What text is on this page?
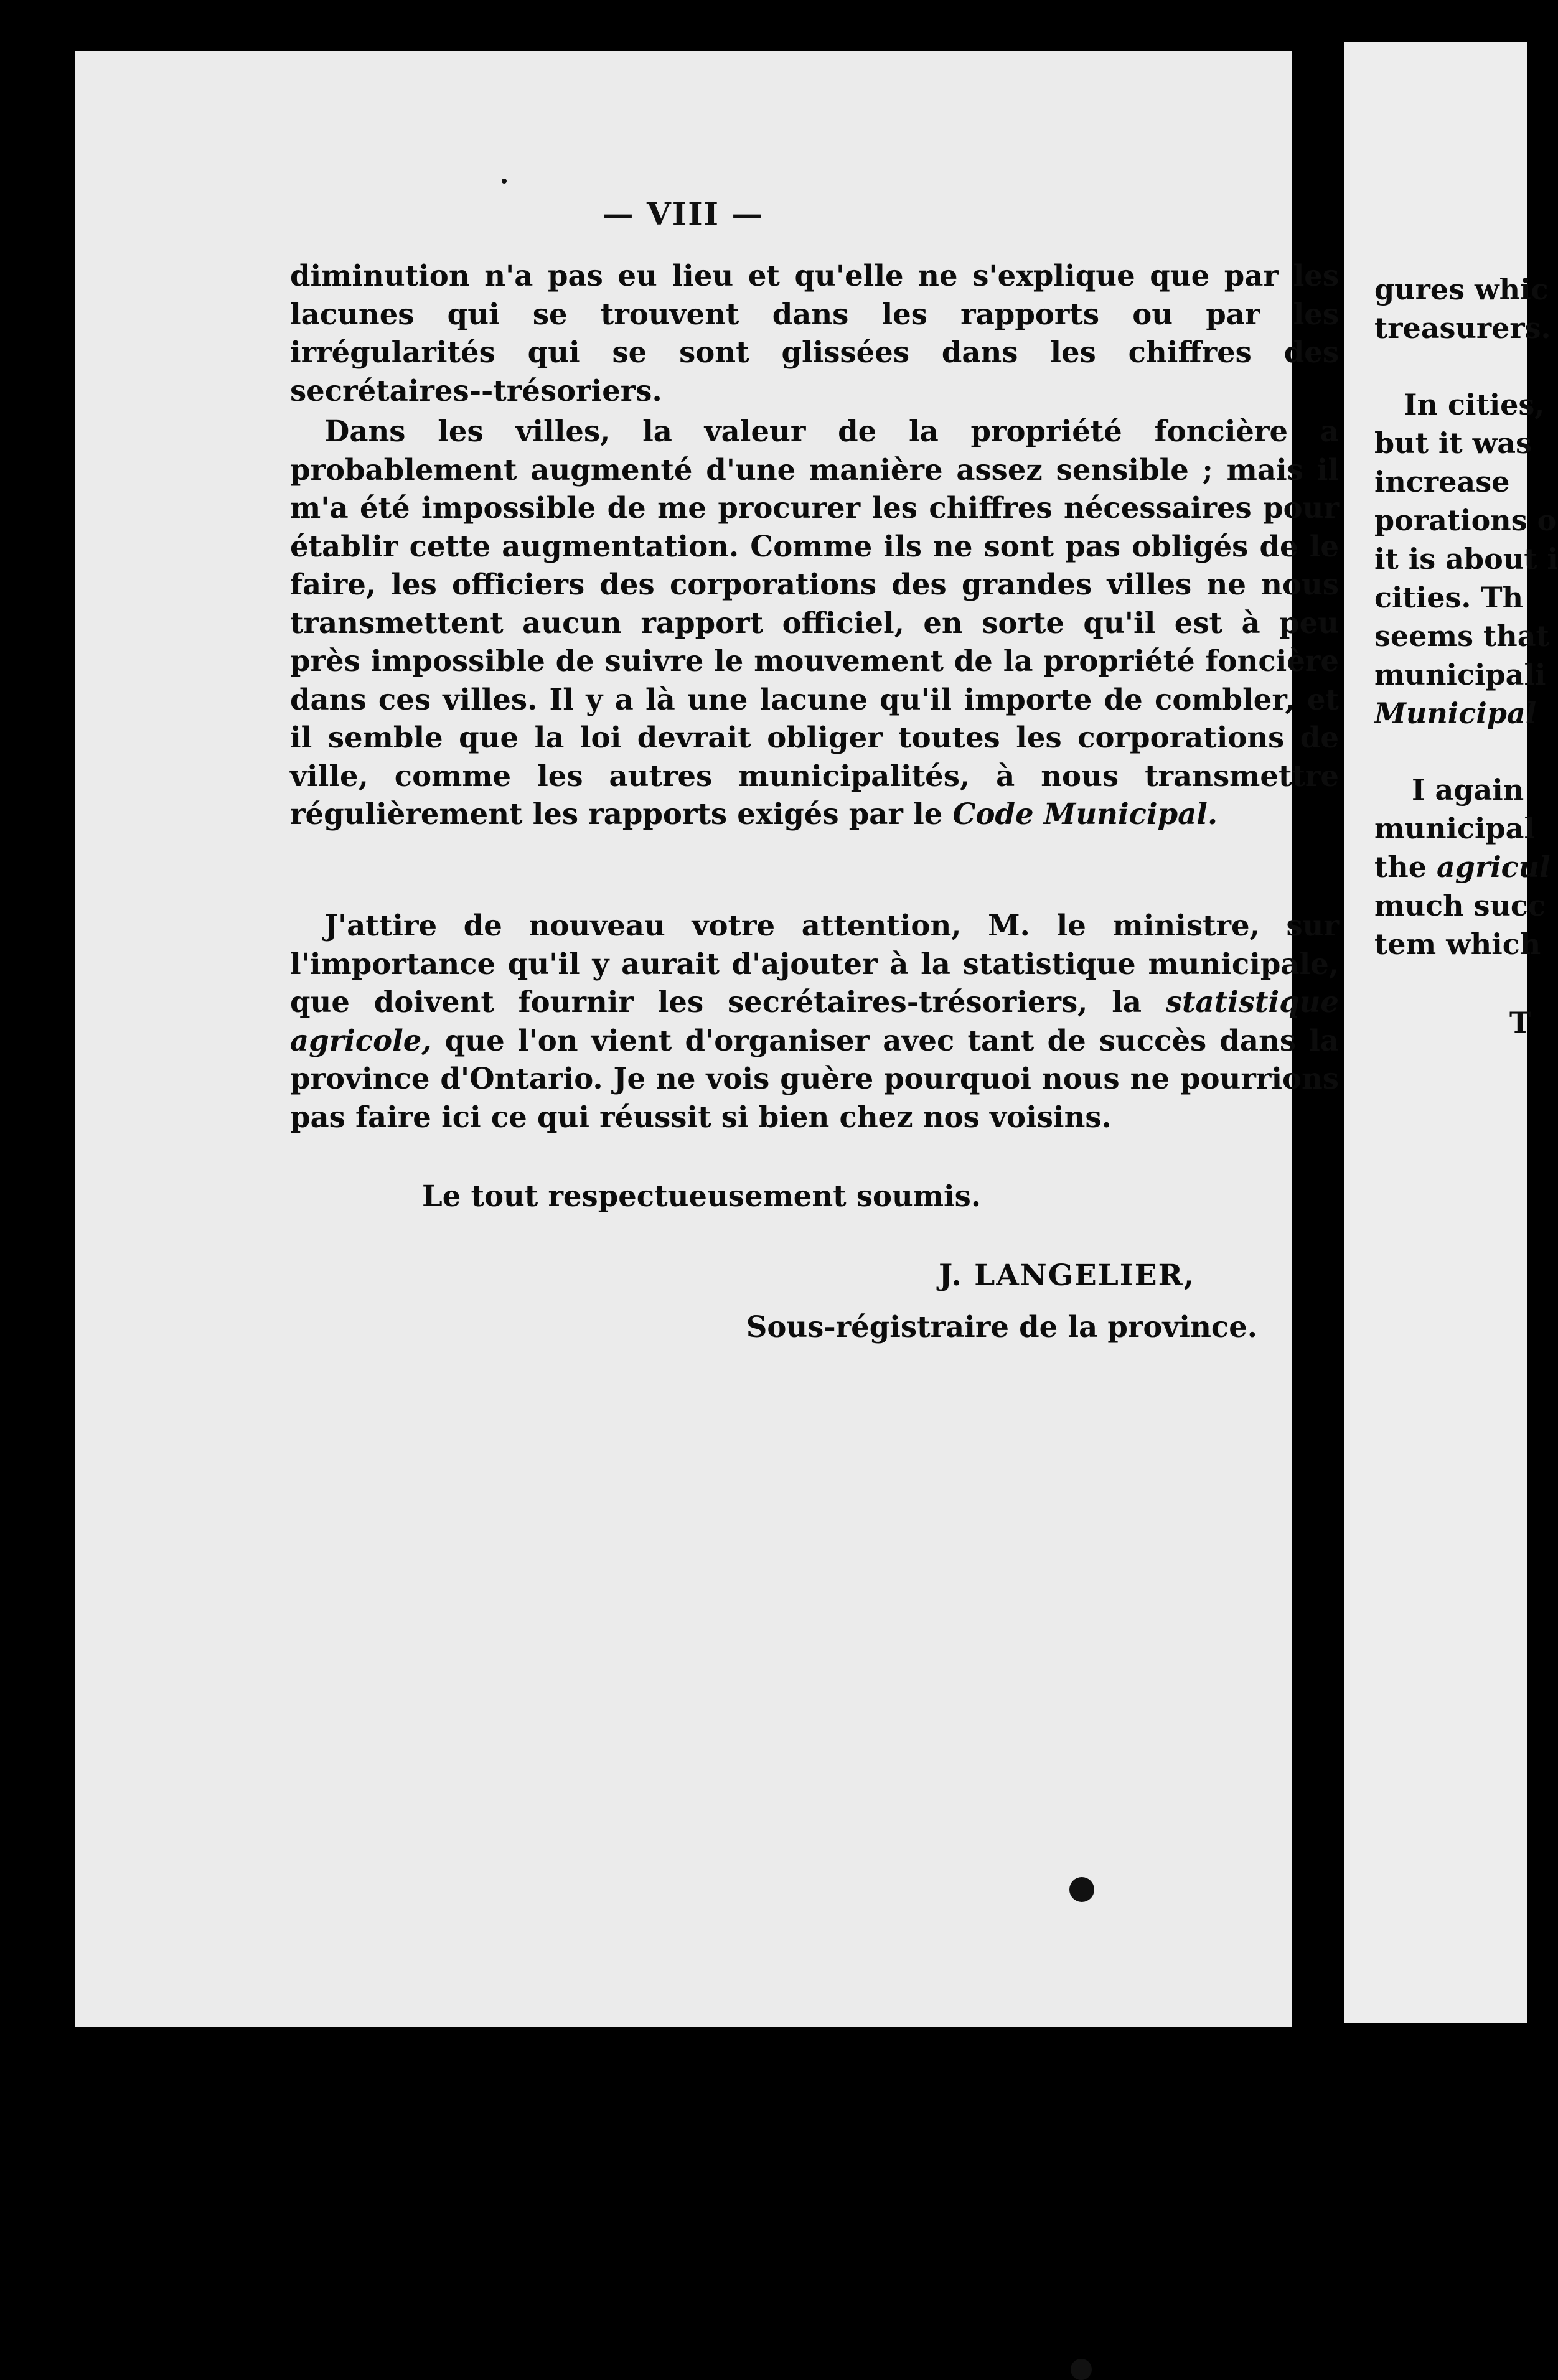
— VIII —

diminution n'a pas eu lieu et qu'elle ne s'explique que par les lacunes qui se trouvent dans les rapports ou par les irrégularités qui se sont glissées dans les chiffres des secrétaires--trésoriers.

Dans les villes, la valeur de la propriété foncière a probablement augmenté d'une manière assez sensible ; mais il m'a été impossible de me procurer les chiffres nécessaires pour établir cette augmentation. Comme ils ne sont pas obligés de le faire, les officiers des corporations des grandes villes ne nous transmettent aucun rapport officiel, en sorte qu'il est à peu près impossible de suivre le mouvement de la propriété foncière dans ces villes. Il y a là une lacune qu'il importe de combler, et il semble que la loi devrait obliger toutes les corporations de ville, comme les autres municipalités, à nous transmettre régulièrement les rapports exigés par le Code Municipal.

J'attire de nouveau votre attention, M. le ministre, sur l'importance qu'il y aurait d'ajouter à la statistique municipale, que doivent fournir les secrétaires-trésoriers, la statistique agricole, que l'on vient d'organiser avec tant de succès dans la province d'Ontario. Je ne vois guère pourquoi nous ne pourrions pas faire ici ce qui réussit si bien chez nos voisins.

Le tout respectueusement soumis.
J. LANGELIER,
Sous-régistraire de la province.
gures whic
treasurers.
In cities,
but it was
increase
porations o
it is about i
cities. Th
seems that
municipali
Municipal
I again
municipal
the agricul
much succ
tem which
T
